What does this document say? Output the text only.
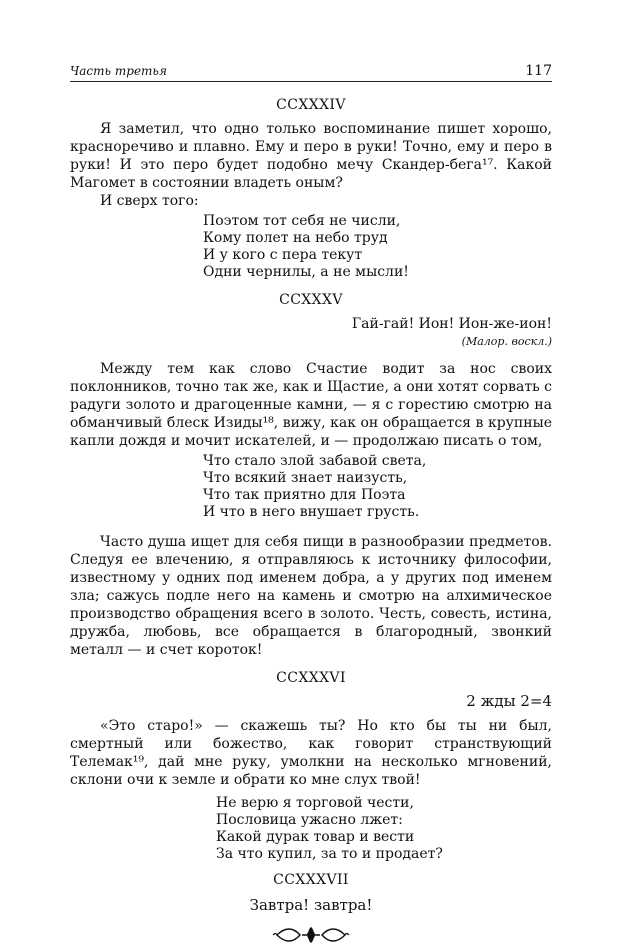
Часть третья	117
CCXXXIV

Я заметил, что одно только воспоминание пишет хорошо, красноречиво и плавно. Ему и перо в руки! Точно, ему и перо в руки! И это перо будет подобно мечу Скандер-бега¹⁷. Какой Магомет в состоянии владеть оным?

И сверх того:

Поэтом тот себя не числи,
Кому полет на небо труд
И у кого с пера текут
Одни чернилы, а не мысли!
CCXXXV
Гай-гай! Ион! Ион-же-ион!
(Малор. воскл.)

Между тем как слово Счастие водит за нос своих поклонников, точно так же, как и Щастие, а они хотят сорвать с радуги золото и драгоценные камни, — я с горестию смотрю на обманчивый блеск Изиды¹⁸, вижу, как он обращается в крупные капли дождя и мочит искателей, и — продолжаю писать о том,

Что стало злой забавой света,
Что всякий знает наизусть,
Что так приятно для Поэта
И что в него внушает грусть.

Часто душа ищет для себя пищи в разнообразии предметов. Следуя ее влечению, я отправляюсь к источнику философии, известному у одних под именем добра, а у других под именем зла; сажусь подле него на камень и смотрю на алхимическое производство обращения всего в золото. Честь, совесть, истина, дружба, любовь, все обращается в благородный, звонкий металл — и счет короток!

CCXXXVI
2 жды 2=4

«Это старо!» — скажешь ты? Но кто бы ты ни был, смертный или божество, как говорит странствующий Телемак¹⁹, дай мне руку, умолкни на несколько мгновений, склони очи к земле и обрати ко мне слух твой!

Не верю я торговой чести,
Пословица ужасно лжет:
Какой дурак товар и вести
За что купил, за то и продает?
CCXXXVII
Завтра! завтра!
